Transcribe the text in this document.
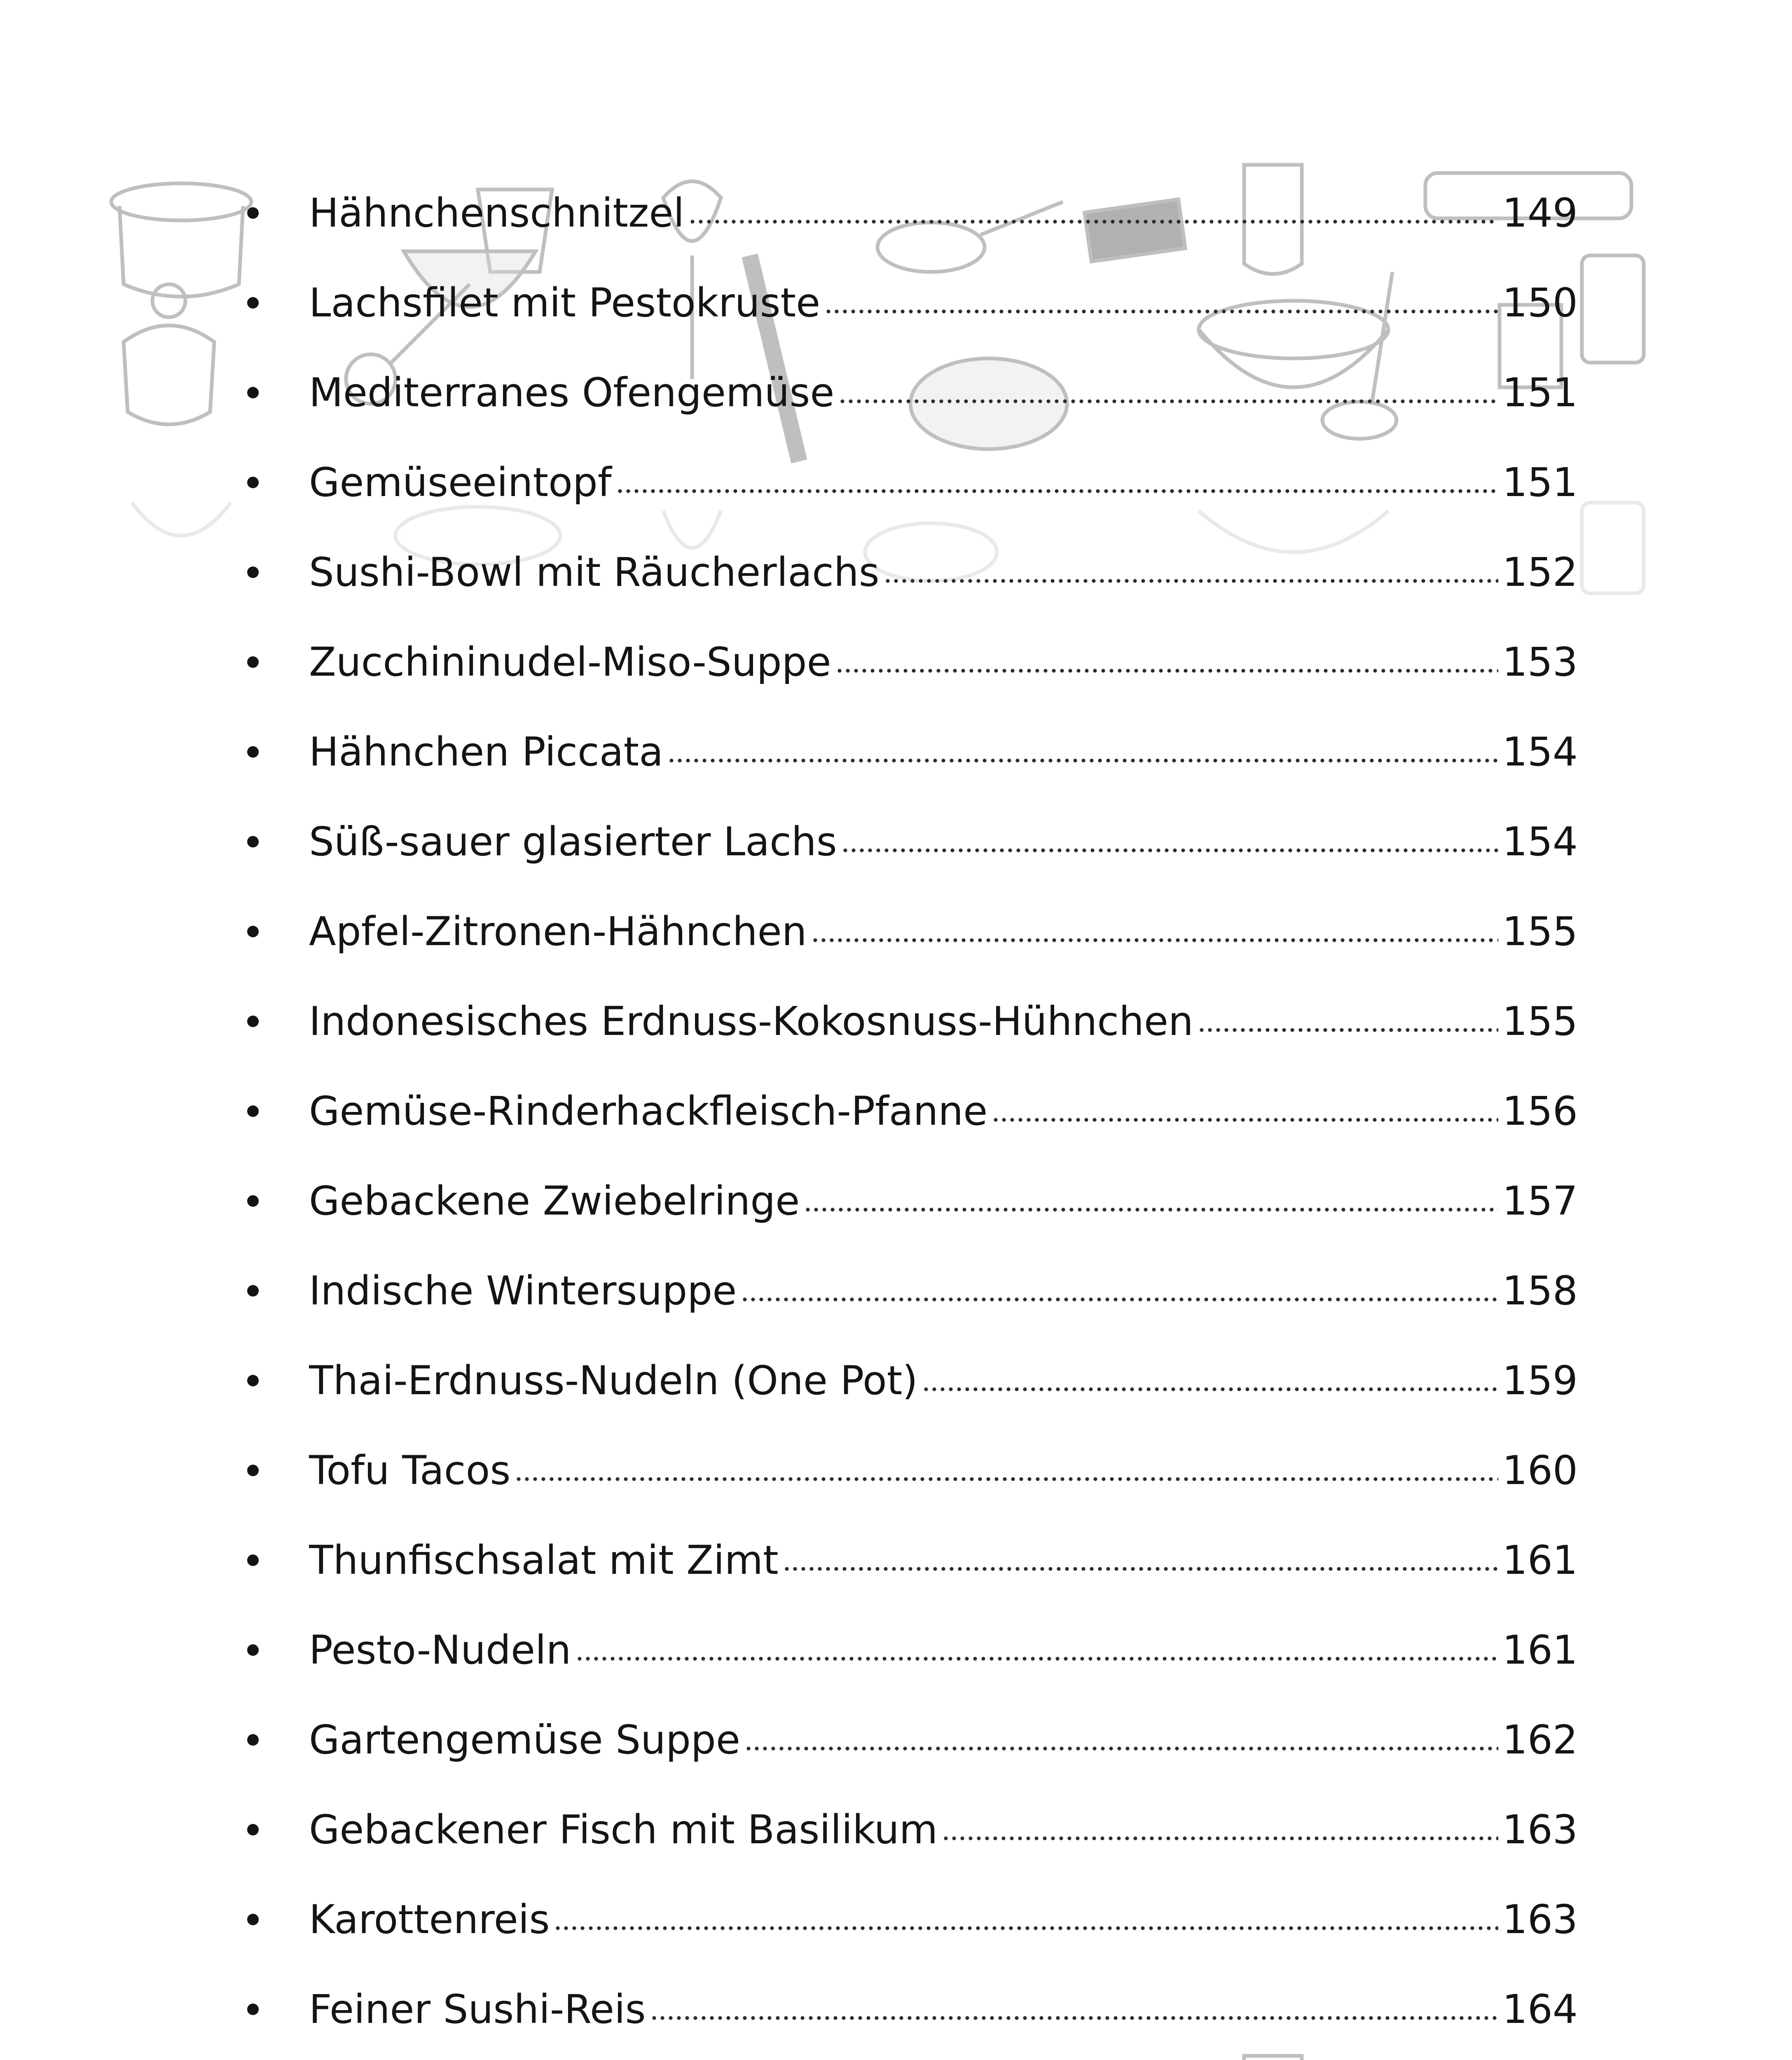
Hähnchenschnitzel	149
Lachsfilet mit Pestokruste	150
Mediterranes Ofengemüse	151
Gemüseeintopf	151
Sushi-Bowl mit Räucherlachs	152
Zucchininudel-Miso-Suppe	153
Hähnchen Piccata	154
Süß-sauer glasierter Lachs	154
Apfel-Zitronen-Hähnchen	155
Indonesisches Erdnuss-Kokosnuss-Hühnchen	155
Gemüse-Rinderhackfleisch-Pfanne	156
Gebackene Zwiebelringe	157
Indische Wintersuppe	158
Thai-Erdnuss-Nudeln (One Pot)	159
Tofu Tacos	160
Thunfischsalat mit Zimt	161
Pesto-Nudeln	161
Gartengemüse Suppe	162
Gebackener Fisch mit Basilikum	163
Karottenreis	163
Feiner Sushi-Reis	164
